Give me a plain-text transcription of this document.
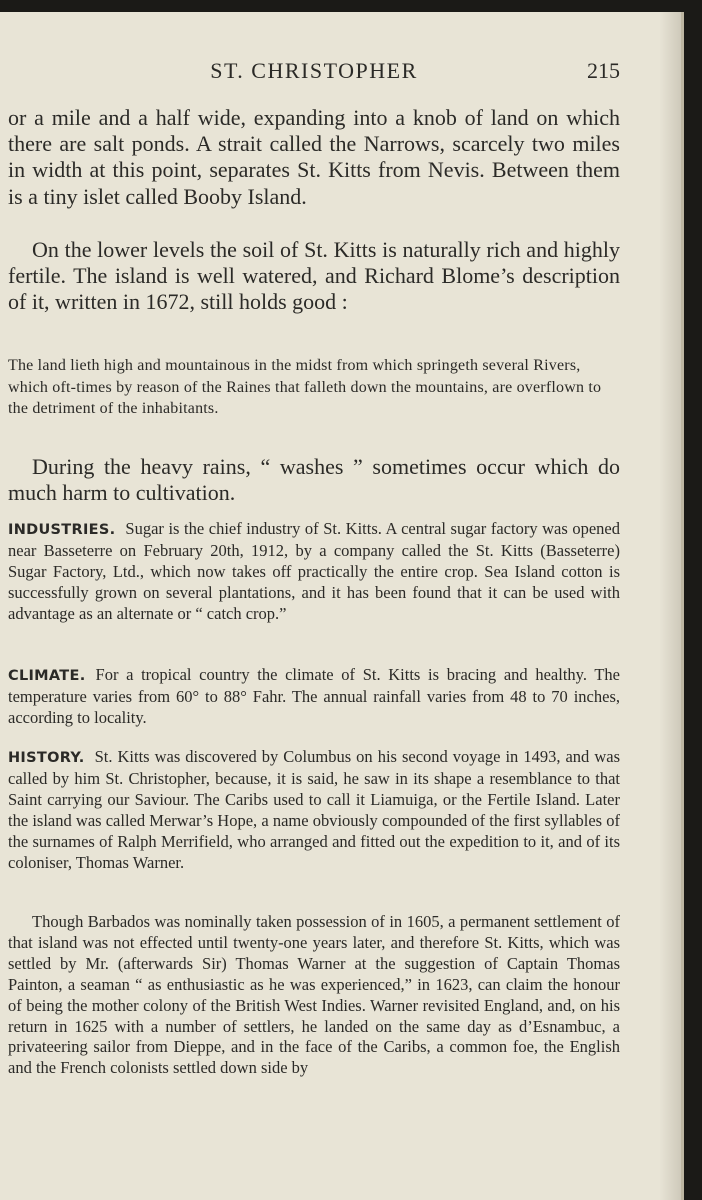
ST. CHRISTOPHER	215

or a mile and a half wide, expanding into a knob of land on which there are salt ponds. A strait called the Narrows, scarcely two miles in width at this point, separates St. Kitts from Nevis. Between them is a tiny islet called Booby Island.

On the lower levels the soil of St. Kitts is naturally rich and highly fertile. The island is well watered, and Richard Blome’s description of it, written in 1672, still holds good :

The land lieth high and mountainous in the midst from which springeth several Rivers, which oft-times by reason of the Raines that falleth down the mountains, are overflown to the detriment of the inhabitants.

During the heavy rains, “ washes ” sometimes occur which do much harm to cultivation.

INDUSTRIES. Sugar is the chief industry of St. Kitts. A central sugar factory was opened near Basseterre on February 20th, 1912, by a company called the St. Kitts (Basseterre) Sugar Factory, Ltd., which now takes off practically the entire crop. Sea Island cotton is successfully grown on several plantations, and it has been found that it can be used with advantage as an alternate or “ catch crop.”

CLIMATE. For a tropical country the climate of St. Kitts is bracing and healthy. The temperature varies from 60° to 88° Fahr. The annual rainfall varies from 48 to 70 inches, according to locality.

HISTORY. St. Kitts was discovered by Columbus on his second voyage in 1493, and was called by him St. Christopher, because, it is said, he saw in its shape a resemblance to that Saint carrying our Saviour. The Caribs used to call it Liamuiga, or the Fertile Island. Later the island was called Merwar’s Hope, a name obviously compounded of the first syllables of the surnames of Ralph Merrifield, who arranged and fitted out the expedition to it, and of its coloniser, Thomas Warner.

Though Barbados was nominally taken possession of in 1605, a permanent settlement of that island was not effected until twenty-one years later, and therefore St. Kitts, which was settled by Mr. (afterwards Sir) Thomas Warner at the suggestion of Captain Thomas Painton, a seaman “ as enthusiastic as he was experienced,” in 1623, can claim the honour of being the mother colony of the British West Indies. Warner revisited England, and, on his return in 1625 with a number of settlers, he landed on the same day as d’Esnambuc, a privateering sailor from Dieppe, and in the face of the Caribs, a common foe, the English and the French colonists settled down side by
